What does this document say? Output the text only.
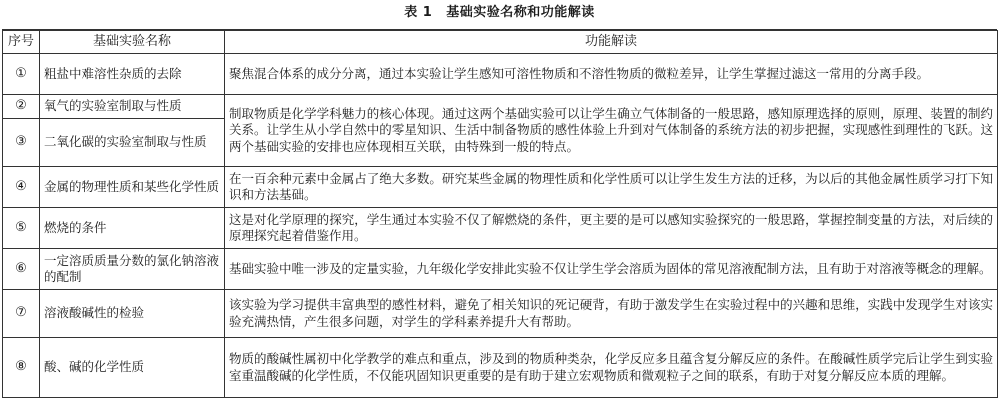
表 1 基础实验名称和功能解读
序号	基础实验名称	功能解读
①	粗盐中难溶性杂质的去除	聚焦混合体系的成分分离，通过本实验让学生感知可溶性物质和不溶性物质的微粒差异，让学生掌握过滤这一常用的分离手段。
②	氧气的实验室制取与性质	制取物质是化学学科魅力的核心体现。通过这两个基础实验可以让学生确立气体制备的一般思路，感知原理选择的原则，原理、装置的制约关系。让学生从小学自然中的零星知识、生活中制备物质的感性体验上升到对气体制备的系统方法的初步把握，实现感性到理性的飞跃。这两个基础实验的安排也应体现相互关联，由特殊到一般的特点。
③	二氧化碳的实验室制取与性质	
④	金属的物理性质和某些化学性质	在一百余种元素中金属占了绝大多数。研究某些金属的物理性质和化学性质可以让学生发生方法的迁移，为以后的其他金属性质学习打下知识和方法基础。
⑤	燃烧的条件	这是对化学原理的探究，学生通过本实验不仅了解燃烧的条件，更主要的是可以感知实验探究的一般思路，掌握控制变量的方法，对后续的原理探究起着借鉴作用。
⑥	一定溶质质量分数的氯化钠溶液的配制	基础实验中唯一涉及的定量实验，九年级化学安排此实验不仅让学生学会溶质为固体的常见溶液配制方法，且有助于对溶液等概念的理解。
⑦	溶液酸碱性的检验	该实验为学习提供丰富典型的感性材料，避免了相关知识的死记硬背，有助于激发学生在实验过程中的兴趣和思维，实践中发现学生对该实验充满热情，产生很多问题，对学生的学科素养提升大有帮助。
⑧	酸、碱的化学性质	物质的酸碱性属初中化学教学的难点和重点，涉及到的物质种类杂，化学反应多且蕴含复分解反应的条件。在酸碱性质学完后让学生到实验室重温酸碱的化学性质，不仅能巩固知识更重要的是有助于建立宏观物质和微观粒子之间的联系，有助于对复分解反应本质的理解。
